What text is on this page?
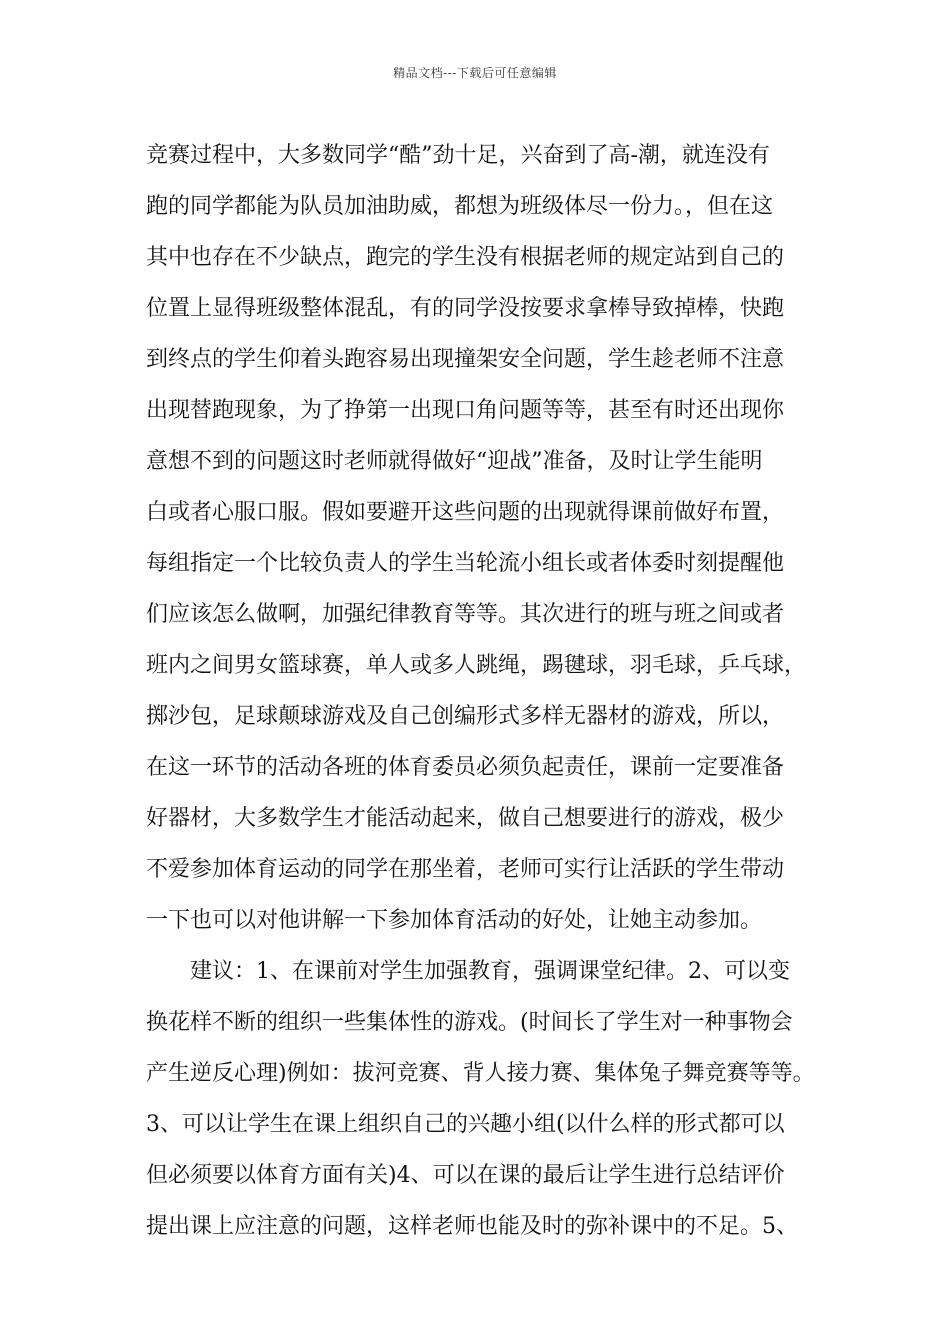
精品文档---下载后可任意编辑
竞赛过程中，大多数同学“酷”劲十足，兴奋到了高-潮，就连没有
跑的同学都能为队员加油助威，都想为班级体尽一份力。，但在这
其中也存在不少缺点，跑完的学生没有根据老师的规定站到自己的
位置上显得班级整体混乱，有的同学没按要求拿棒导致掉棒，快跑
到终点的学生仰着头跑容易出现撞架安全问题，学生趁老师不注意
出现替跑现象，为了挣第一出现口角问题等等，甚至有时还出现你
意想不到的问题这时老师就得做好“迎战”准备，及时让学生能明
白或者心服口服。假如要避开这些问题的出现就得课前做好布置，
每组指定一个比较负责人的学生当轮流小组长或者体委时刻提醒他
们应该怎么做啊，加强纪律教育等等。其次进行的班与班之间或者
班内之间男女篮球赛，单人或多人跳绳，踢毽球，羽毛球，乒乓球，
掷沙包，足球颠球游戏及自己创编形式多样无器材的游戏，所以，
在这一环节的活动各班的体育委员必须负起责任，课前一定要准备
好器材，大多数学生才能活动起来，做自己想要进行的游戏，极少
不爱参加体育运动的同学在那坐着，老师可实行让活跃的学生带动
一下也可以对他讲解一下参加体育活动的好处，让她主动参加。
建议：1、在课前对学生加强教育，强调课堂纪律。2、可以变
换花样不断的组织一些集体性的游戏。(时间长了学生对一种事物会
产生逆反心理)例如：拔河竞赛、背人接力赛、集体兔子舞竞赛等等。
3、可以让学生在课上组织自己的兴趣小组(以什么样的形式都可以
但必须要以体育方面有关)4、可以在课的最后让学生进行总结评价
提出课上应注意的问题，这样老师也能及时的弥补课中的不足。5、
